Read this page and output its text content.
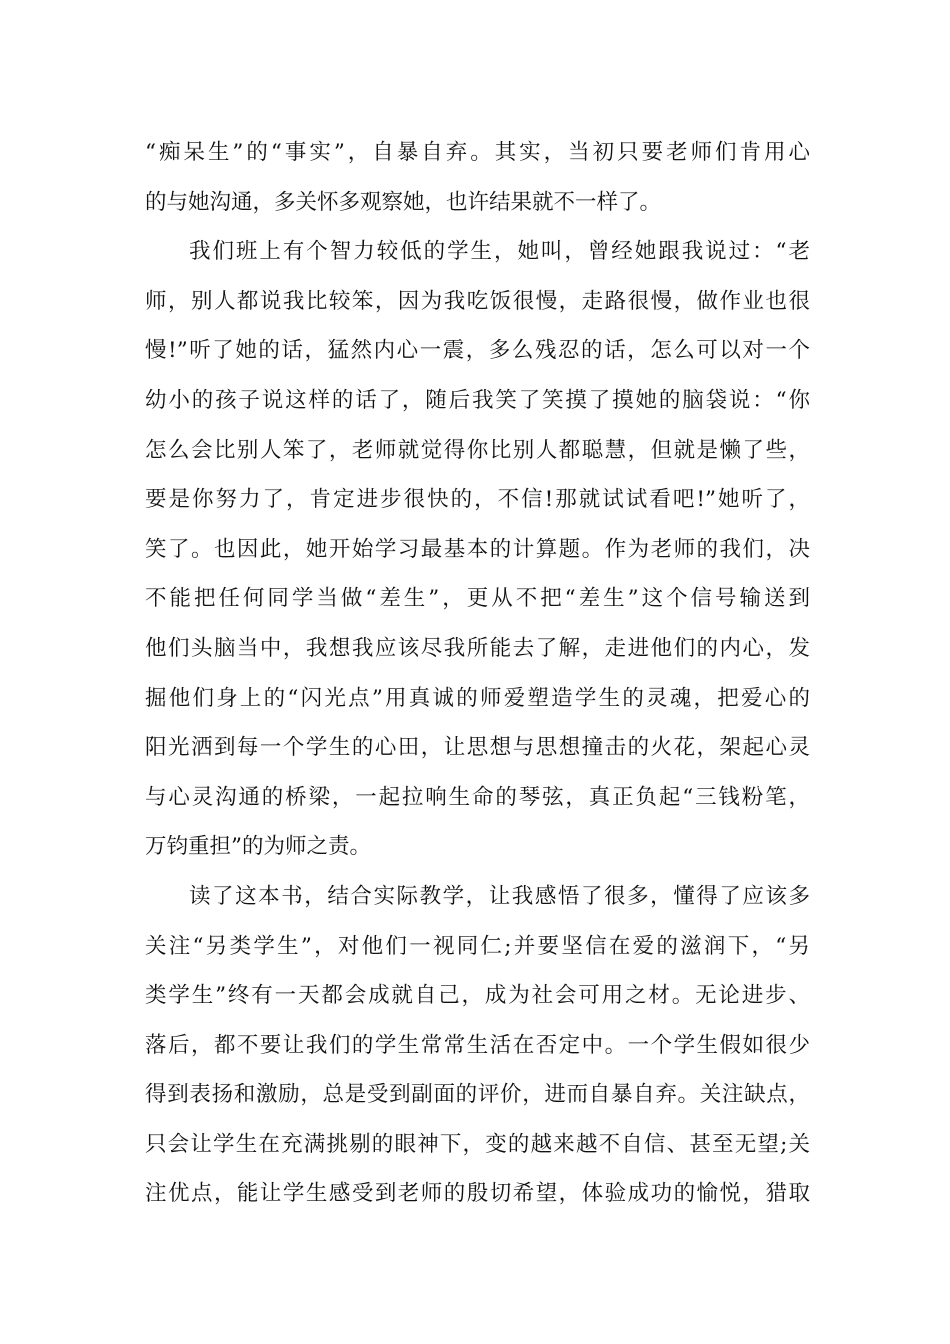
“痴呆生”的“事实”，自暴自弃。其实，当初只要老师们肯用心
的与她沟通，多关怀多观察她，也许结果就不一样了。
我们班上有个智力较低的学生，她叫，曾经她跟我说过：“老
师，别人都说我比较笨，因为我吃饭很慢，走路很慢，做作业也很
慢!”听了她的话，猛然内心一震，多么残忍的话，怎么可以对一个
幼小的孩子说这样的话了，随后我笑了笑摸了摸她的脑袋说：“你
怎么会比别人笨了，老师就觉得你比别人都聪慧，但就是懒了些，
要是你努力了，肯定进步很快的，不信!那就试试看吧!”她听了，
笑了。也因此，她开始学习最基本的计算题。作为老师的我们，决
不能把任何同学当做“差生”，更从不把“差生”这个信号输送到
他们头脑当中，我想我应该尽我所能去了解，走进他们的内心，发
掘他们身上的“闪光点”用真诚的师爱塑造学生的灵魂，把爱心的
阳光洒到每一个学生的心田，让思想与思想撞击的火花，架起心灵
与心灵沟通的桥梁，一起拉响生命的琴弦，真正负起“三钱粉笔，
万钧重担”的为师之责。
读了这本书，结合实际教学，让我感悟了很多，懂得了应该多
关注“另类学生”，对他们一视同仁;并要坚信在爱的滋润下，“另
类学生”终有一天都会成就自己，成为社会可用之材。无论进步、
落后，都不要让我们的学生常常生活在否定中。一个学生假如很少
得到表扬和激励，总是受到副面的评价，进而自暴自弃。关注缺点，
只会让学生在充满挑剔的眼神下，变的越来越不自信、甚至无望;关
注优点，能让学生感受到老师的殷切希望，体验成功的愉悦，猎取
